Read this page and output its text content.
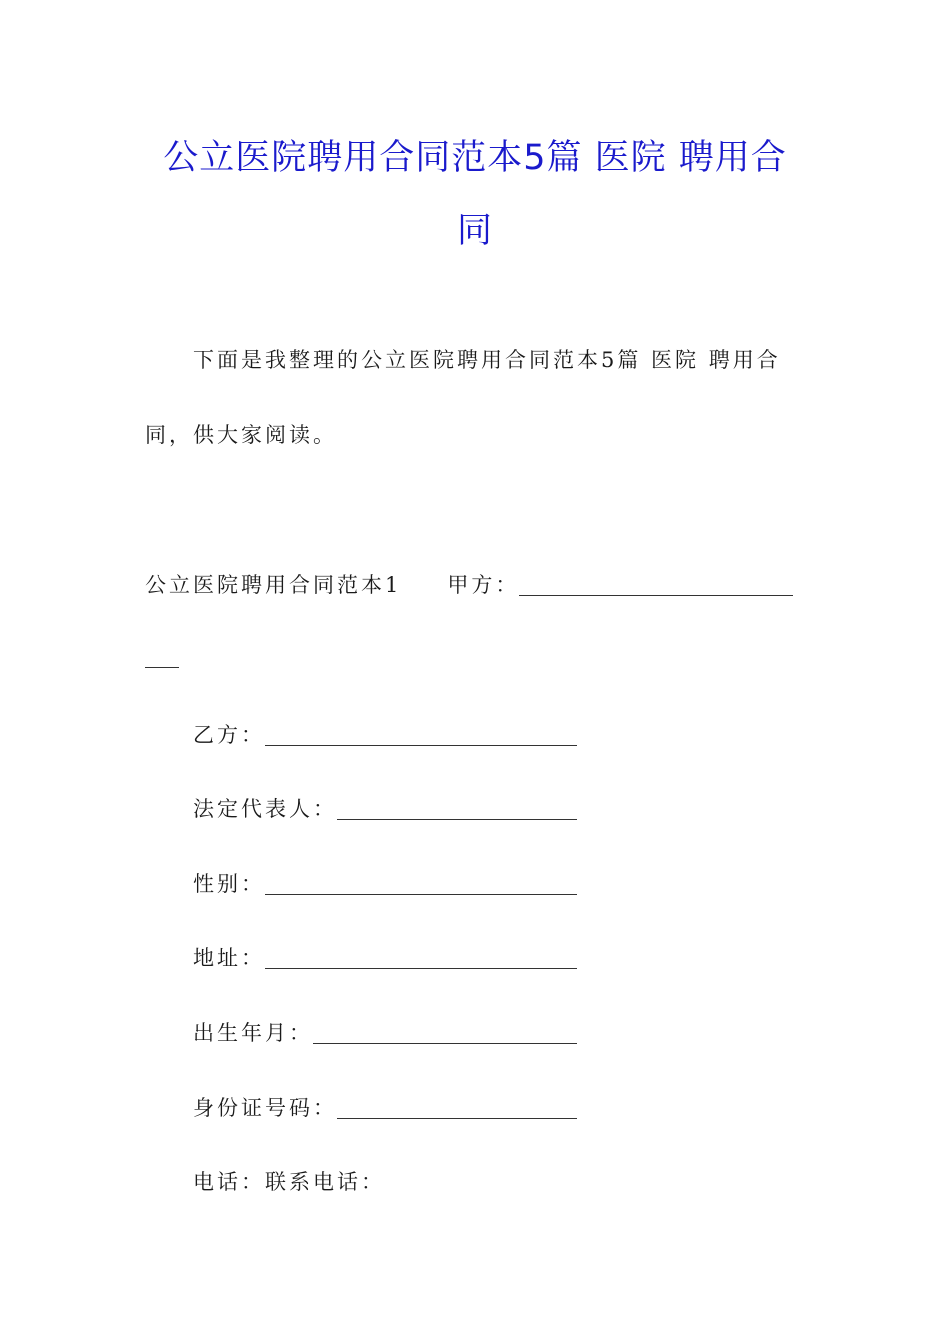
公立医院聘用合同范本5篇 医院 聘用合
同
下面是我整理的公立医院聘用合同范本5篇 医院 聘用合
同，供大家阅读。
公立医院聘用合同范本1 甲方：
乙方：
法定代表人：
性别：
地址：
出生年月：
身份证号码：
电话：联系电话：
